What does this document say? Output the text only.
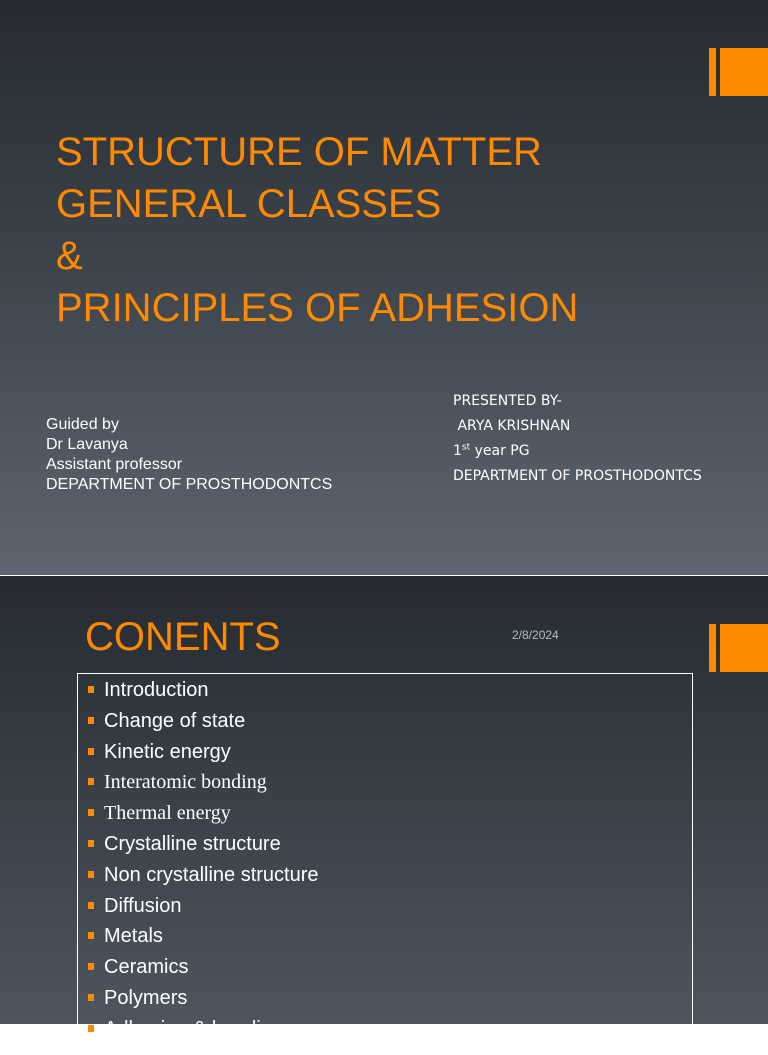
STRUCTURE OF MATTER
GENERAL CLASSES
&
PRINCIPLES OF ADHESION
Guided by
Dr Lavanya
Assistant professor
DEPARTMENT OF PROSTHODONTCS
PRESENTED BY-
ARYA KRISHNAN
1st year PG
DEPARTMENT OF PROSTHODONTCS
CONENTS	2/8/2024
Introduction
Change of state
Kinetic energy
Interatomic bonding
Thermal energy
Crystalline structure
Non crystalline structure
Diffusion
Metals
Ceramics
Polymers
Adhesion & bonding
